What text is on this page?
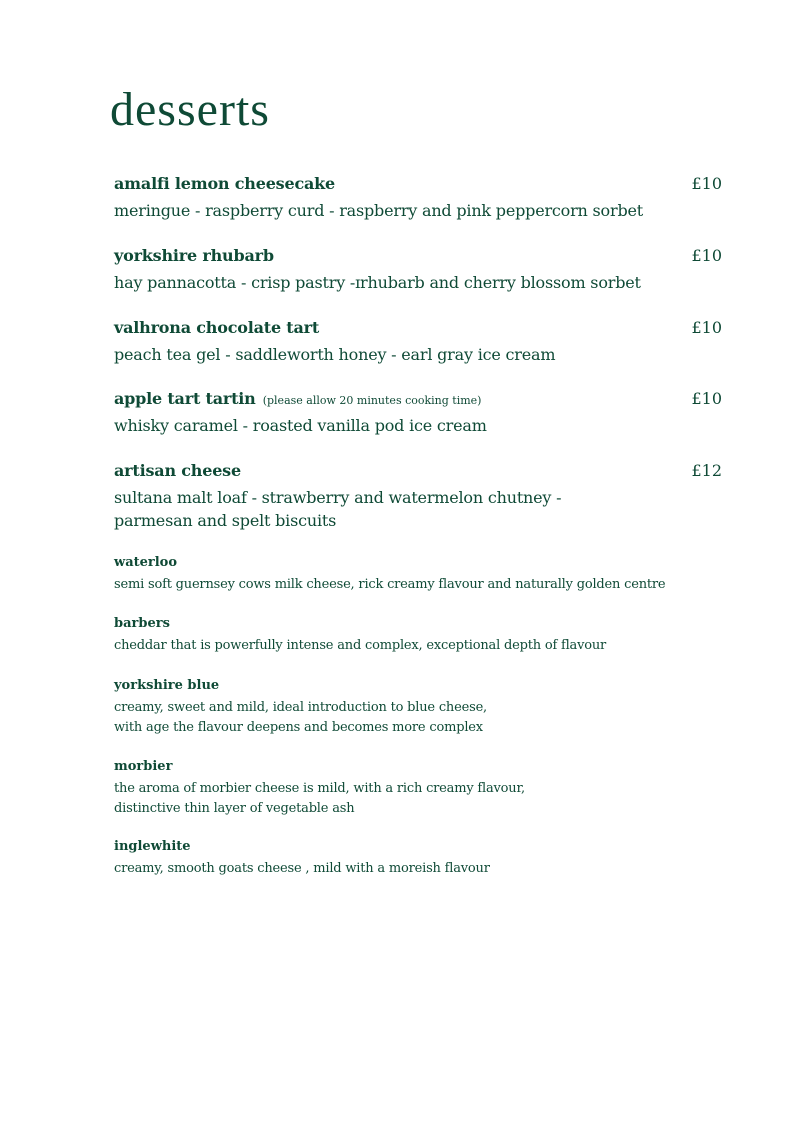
desserts
amalfi lemon cheesecake	£10
meringue - raspberry curd - raspberry and pink peppercorn sorbet
yorkshire rhubarb	£10
hay pannacotta - crisp pastry -ɪrhubarb and cherry blossom sorbet
valhrona chocolate tart	£10
peach tea gel - saddleworth honey - earl gray ice cream
apple tart tartin (please allow 20 minutes cooking time)	£10
whisky caramel - roasted vanilla pod ice cream
artisan cheese	£12
sultana malt loaf - strawberry and watermelon chutney -
parmesan and spelt biscuits
waterloo
semi soft guernsey cows milk cheese, rick creamy flavour and naturally golden centre
barbers
cheddar that is powerfully intense and complex, exceptional depth of flavour
yorkshire blue
creamy, sweet and mild, ideal introduction to blue cheese,
with age the flavour deepens and becomes more complex
morbier
the aroma of morbier cheese is mild, with a rich creamy flavour,
distinctive thin layer of vegetable ash
inglewhite
creamy, smooth goats cheese , mild with a moreish flavour
